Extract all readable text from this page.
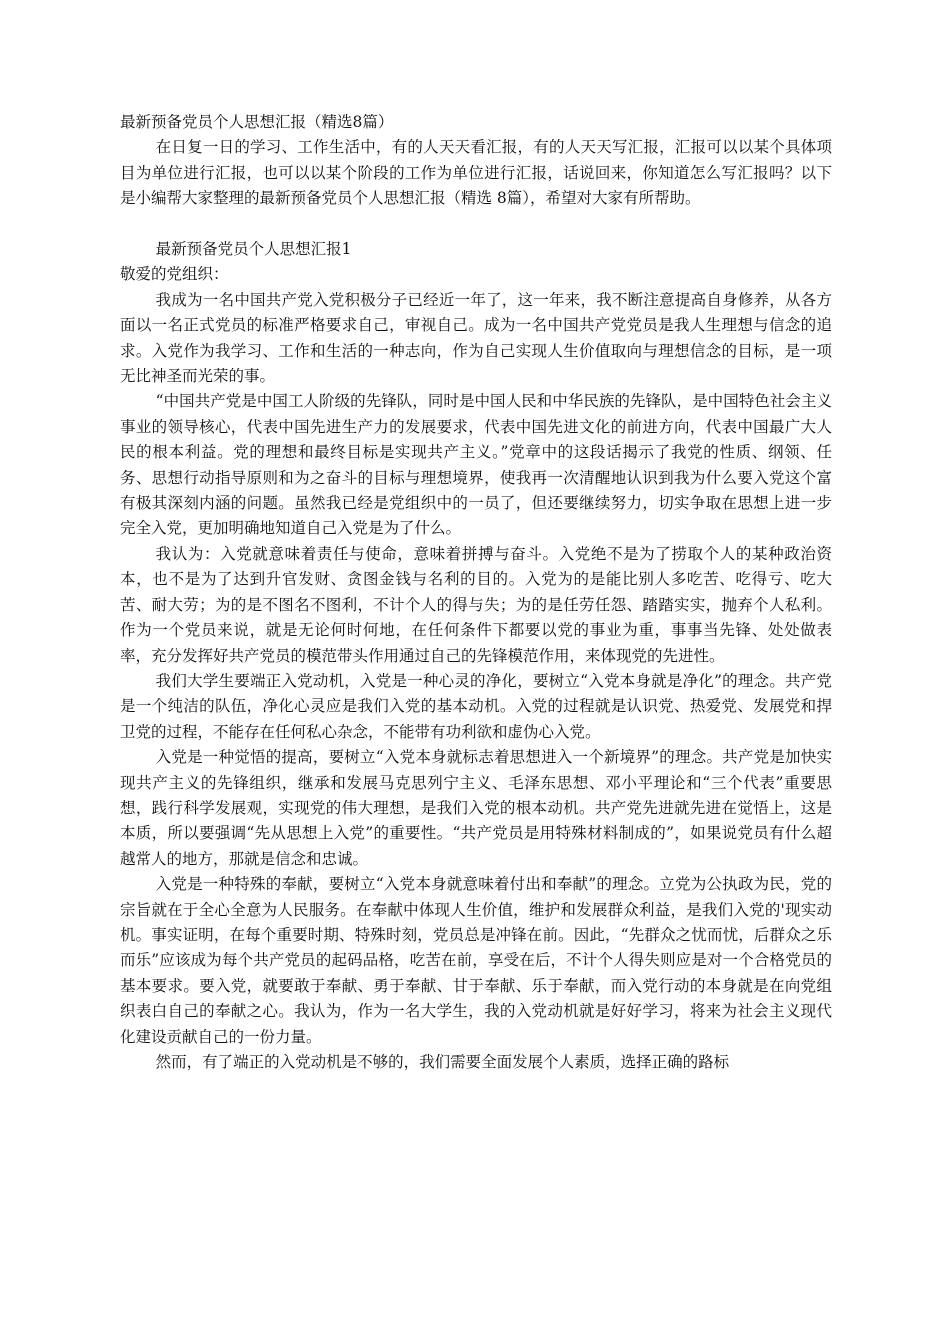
最新预备党员个人思想汇报（精选8篇）

在日复一日的学习、工作生活中，有的人天天看汇报，有的人天天写汇报，汇报可以以某个具体项目为单位进行汇报，也可以以某个阶段的工作为单位进行汇报，话说回来，你知道怎么写汇报吗？以下是小编帮大家整理的最新预备党员个人思想汇报（精选 8篇），希望对大家有所帮助。

最新预备党员个人思想汇报1

敬爱的党组织：

我成为一名中国共产党入党积极分子已经近一年了，这一年来，我不断注意提高自身修养，从各方面以一名正式党员的标准严格要求自己，审视自己。成为一名中国共产党党员是我人生理想与信念的追求。入党作为我学习、工作和生活的一种志向，作为自己实现人生价值取向与理想信念的目标，是一项无比神圣而光荣的事。

“中国共产党是中国工人阶级的先锋队，同时是中国人民和中华民族的先锋队，是中国特色社会主义事业的领导核心，代表中国先进生产力的发展要求，代表中国先进文化的前进方向，代表中国最广大人民的根本利益。党的理想和最终目标是实现共产主义。”党章中的这段话揭示了我党的性质、纲领、任务、思想行动指导原则和为之奋斗的目标与理想境界，使我再一次清醒地认识到我为什么要入党这个富有极其深刻内涵的问题。虽然我已经是党组织中的一员了，但还要继续努力，切实争取在思想上进一步完全入党，更加明确地知道自己入党是为了什么。

我认为：入党就意味着责任与使命，意味着拼搏与奋斗。入党绝不是为了捞取个人的某种政治资本，也不是为了达到升官发财、贪图金钱与名利的目的。入党为的是能比别人多吃苦、吃得亏、吃大苦、耐大劳；为的是不图名不图利，不计个人的得与失；为的是任劳任怨、踏踏实实，抛弃个人私利。作为一个党员来说，就是无论何时何地，在任何条件下都要以党的事业为重，事事当先锋、处处做表率，充分发挥好共产党员的模范带头作用通过自己的先锋模范作用，来体现党的先进性。

我们大学生要端正入党动机，入党是一种心灵的净化，要树立“入党本身就是净化”的理念。共产党是一个纯洁的队伍，净化心灵应是我们入党的基本动机。入党的过程就是认识党、热爱党、发展党和捍卫党的过程，不能存在任何私心杂念，不能带有功利欲和虚伪心入党。

入党是一种觉悟的提高，要树立“入党本身就标志着思想进入一个新境界”的理念。共产党是加快实现共产主义的先锋组织，继承和发展马克思列宁主义、毛泽东思想、邓小平理论和“三个代表”重要思想，践行科学发展观，实现党的伟大理想，是我们入党的根本动机。共产党先进就先进在觉悟上，这是本质，所以要强调“先从思想上入党”的重要性。“共产党员是用特殊材料制成的”，如果说党员有什么超越常人的地方，那就是信念和忠诚。

入党是一种特殊的奉献，要树立“入党本身就意味着付出和奉献”的理念。立党为公执政为民，党的宗旨就在于全心全意为人民服务。在奉献中体现人生价值，维护和发展群众利益，是我们入党的'现实动机。事实证明，在每个重要时期、特殊时刻，党员总是冲锋在前。因此，“先群众之忧而忧，后群众之乐而乐”应该成为每个共产党员的起码品格，吃苦在前，享受在后，不计个人得失则应是对一个合格党员的基本要求。要入党，就要敢于奉献、勇于奉献、甘于奉献、乐于奉献，而入党行动的本身就是在向党组织表白自己的奉献之心。我认为，作为一名大学生，我的入党动机就是好好学习，将来为社会主义现代化建设贡献自己的一份力量。

然而，有了端正的入党动机是不够的，我们需要全面发展个人素质，选择正确的路标
